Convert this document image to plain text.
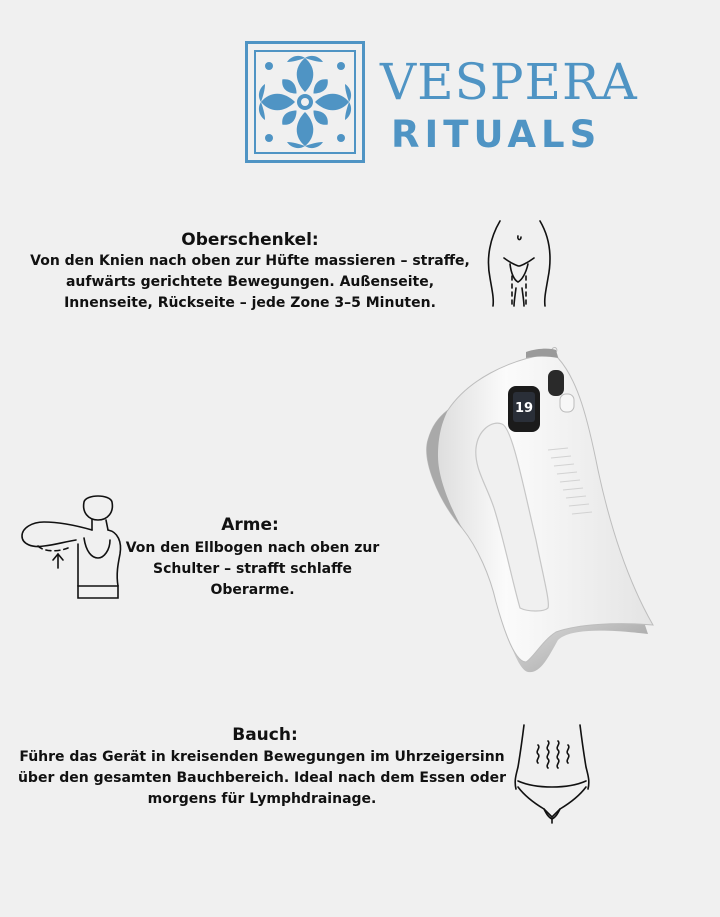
VESPERA
RITUALS
Oberschenkel:
Von den Knien nach oben zur Hüfte massieren – straffe, aufwärts gerichtete Bewegungen. Außenseite, Innenseite, Rückseite – jede Zone 3–5 Minuten.
Arme:
Von den Ellbogen nach oben zur Schulter – strafft schlaffe Oberarme.
Bauch:
Führe das Gerät in kreisenden Bewegungen im Uhrzeigersinn über den gesamten Bauchbereich. Ideal nach dem Essen oder morgens für Lymphdrainage.
19
